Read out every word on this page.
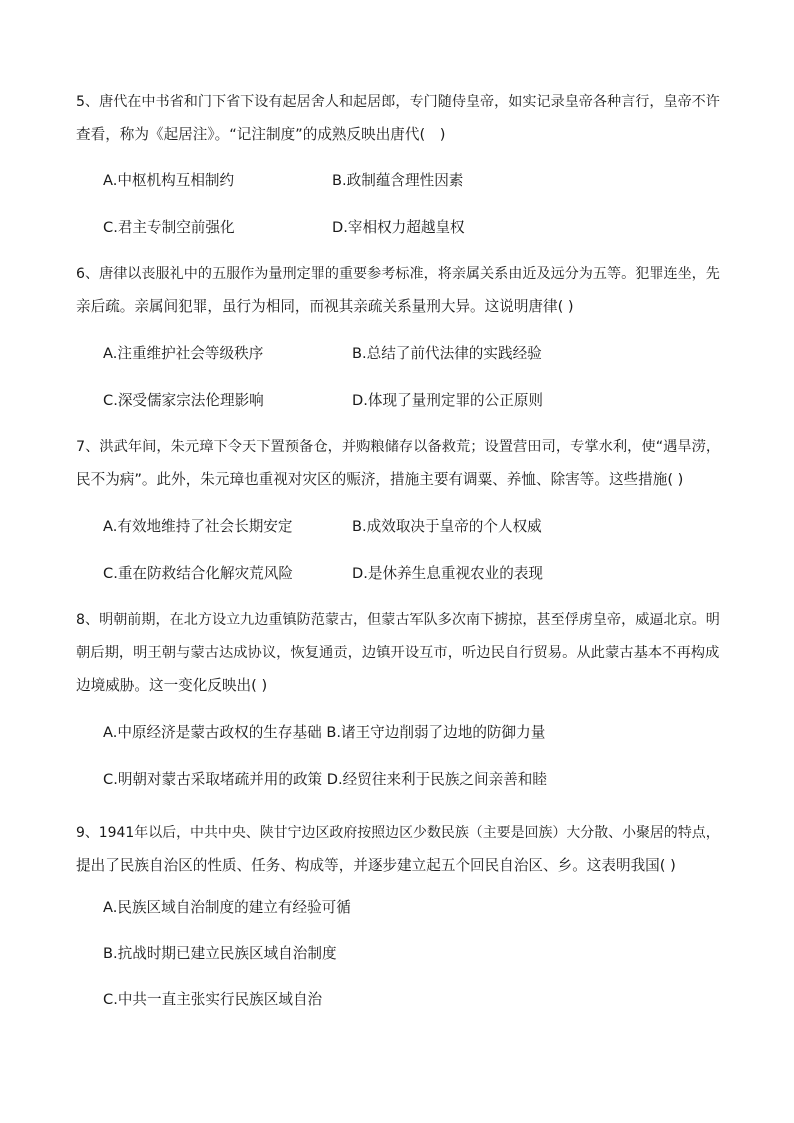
5、唐代在中书省和门下省下设有起居舍人和起居郎，专门随侍皇帝，如实记录皇帝各种言行，皇帝不许
查看，称为《起居注》。“记注制度”的成熟反映出唐代(　)
A.中枢机构互相制约	B.政制蕴含理性因素
C.君主专制空前强化	D.宰相权力超越皇权
6、唐律以丧服礼中的五服作为量刑定罪的重要参考标准，将亲属关系由近及远分为五等。犯罪连坐，先
亲后疏。亲属间犯罪，虽行为相同，而视其亲疏关系量刑大异。这说明唐律( )
A.注重维护社会等级秩序	B.总结了前代法律的实践经验
C.深受儒家宗法伦理影响	D.体现了量刑定罪的公正原则
7、洪武年间，朱元璋下令天下置预备仓，并购粮储存以备救荒；设置营田司，专掌水利，使“遇旱涝，
民不为病”。此外，朱元璋也重视对灾区的赈济，措施主要有调粟、养恤、除害等。这些措施( )
A.有效地维持了社会长期安定	B.成效取决于皇帝的个人权威
C.重在防救结合化解灾荒风险	D.是休养生息重视农业的表现
8、明朝前期，在北方设立九边重镇防范蒙古，但蒙古军队多次南下掳掠，甚至俘虏皇帝，威逼北京。明
朝后期，明王朝与蒙古达成协议，恢复通贡，边镇开设互市，听边民自行贸易。从此蒙古基本不再构成
边境威胁。这一变化反映出( )
A.中原经济是蒙古政权的生存基础 B.诸王守边削弱了边地的防御力量
C.明朝对蒙古采取堵疏并用的政策 D.经贸往来利于民族之间亲善和睦
9、1941年以后，中共中央、陕甘宁边区政府按照边区少数民族（主要是回族）大分散、小聚居的特点，
提出了民族自治区的性质、任务、构成等，并逐步建立起五个回民自治区、乡。这表明我国( )
A.民族区域自治制度的建立有经验可循
B.抗战时期已建立民族区域自治制度
C.中共一直主张实行民族区域自治
